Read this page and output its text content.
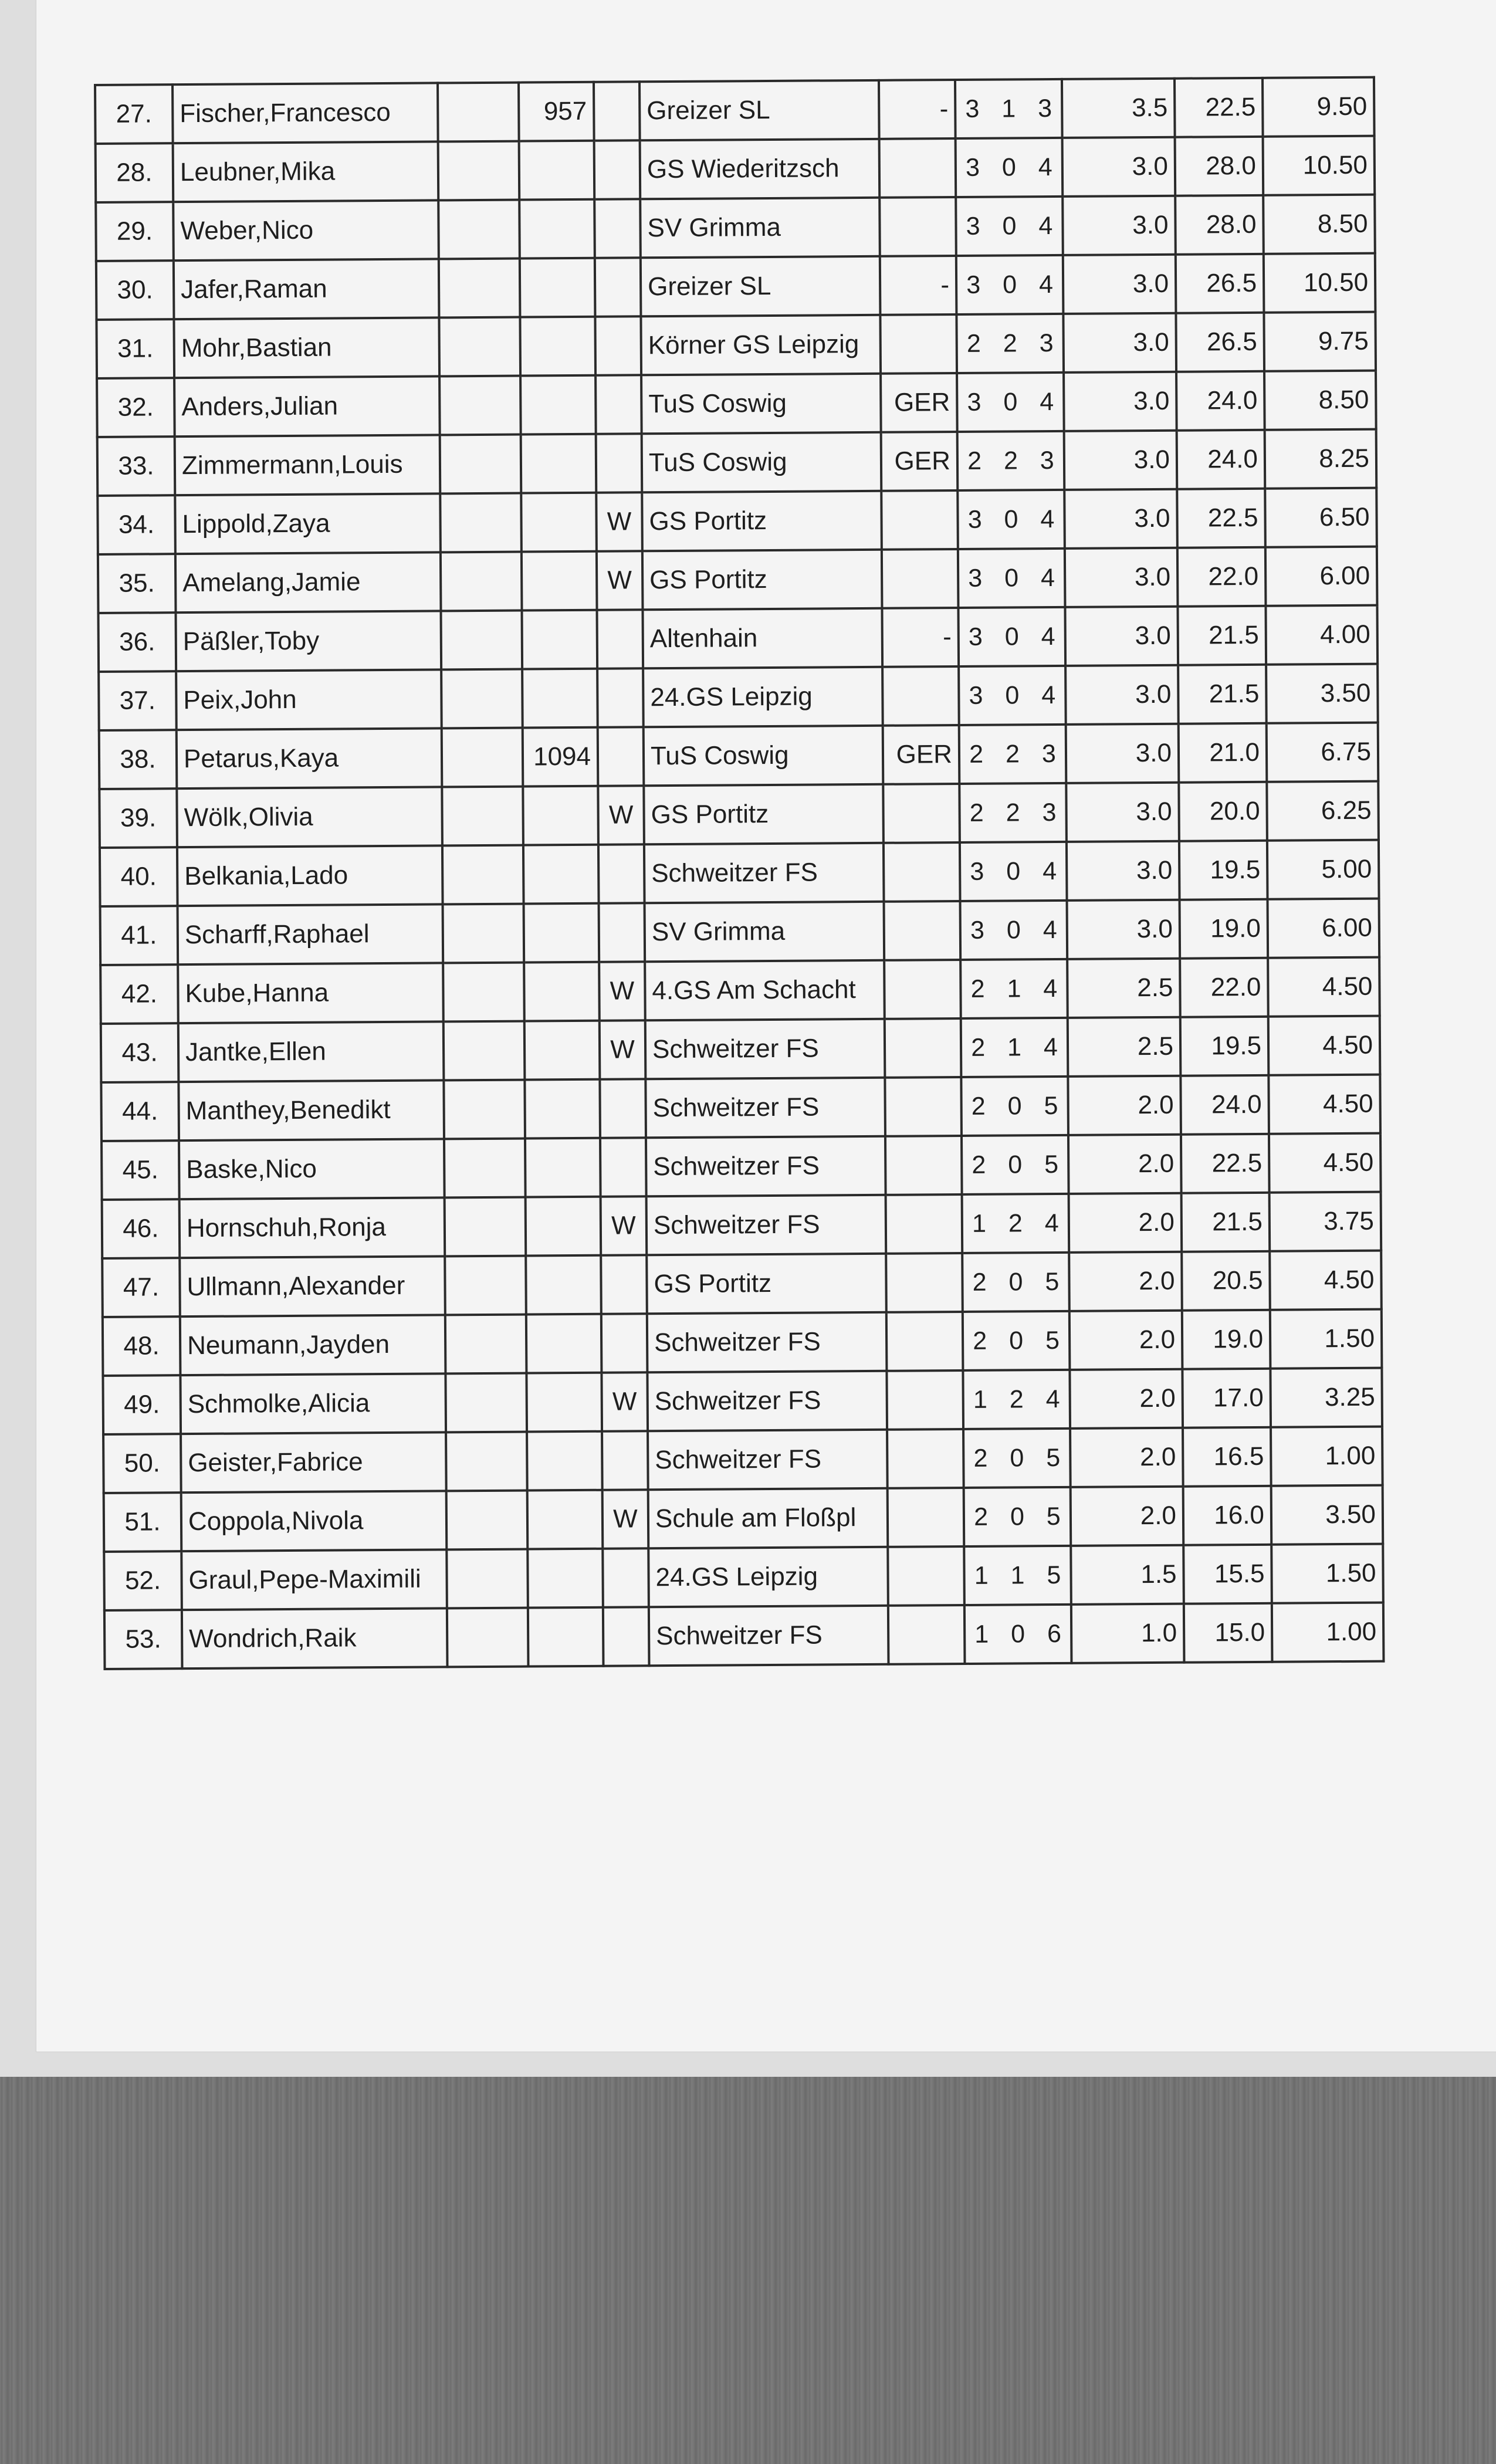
27.	Fischer,Francesco		957		Greizer SL	-	3 1 3	3.5	22.5	9.50
28.	Leubner,Mika				GS Wiederitzsch		3 0 4	3.0	28.0	10.50
29.	Weber,Nico				SV Grimma		3 0 4	3.0	28.0	8.50
30.	Jafer,Raman				Greizer SL	-	3 0 4	3.0	26.5	10.50
31.	Mohr,Bastian				Körner GS Leipzig		2 2 3	3.0	26.5	9.75
32.	Anders,Julian				TuS Coswig	GER	3 0 4	3.0	24.0	8.50
33.	Zimmermann,Louis				TuS Coswig	GER	2 2 3	3.0	24.0	8.25
34.	Lippold,Zaya			W	GS Portitz		3 0 4	3.0	22.5	6.50
35.	Amelang,Jamie			W	GS Portitz		3 0 4	3.0	22.0	6.00
36.	Päßler,Toby				Altenhain	-	3 0 4	3.0	21.5	4.00
37.	Peix,John				24.GS Leipzig		3 0 4	3.0	21.5	3.50
38.	Petarus,Kaya		1094		TuS Coswig	GER	2 2 3	3.0	21.0	6.75
39.	Wölk,Olivia			W	GS Portitz		2 2 3	3.0	20.0	6.25
40.	Belkania,Lado				Schweitzer FS		3 0 4	3.0	19.5	5.00
41.	Scharff,Raphael				SV Grimma		3 0 4	3.0	19.0	6.00
42.	Kube,Hanna			W	4.GS Am Schacht		2 1 4	2.5	22.0	4.50
43.	Jantke,Ellen			W	Schweitzer FS		2 1 4	2.5	19.5	4.50
44.	Manthey,Benedikt				Schweitzer FS		2 0 5	2.0	24.0	4.50
45.	Baske,Nico				Schweitzer FS		2 0 5	2.0	22.5	4.50
46.	Hornschuh,Ronja			W	Schweitzer FS		1 2 4	2.0	21.5	3.75
47.	Ullmann,Alexander				GS Portitz		2 0 5	2.0	20.5	4.50
48.	Neumann,Jayden				Schweitzer FS		2 0 5	2.0	19.0	1.50
49.	Schmolke,Alicia			W	Schweitzer FS		1 2 4	2.0	17.0	3.25
50.	Geister,Fabrice				Schweitzer FS		2 0 5	2.0	16.5	1.00
51.	Coppola,Nivola			W	Schule am Floßpl		2 0 5	2.0	16.0	3.50
52.	Graul,Pepe-Maximili				24.GS Leipzig		1 1 5	1.5	15.5	1.50
53.	Wondrich,Raik				Schweitzer FS		1 0 6	1.0	15.0	1.00
